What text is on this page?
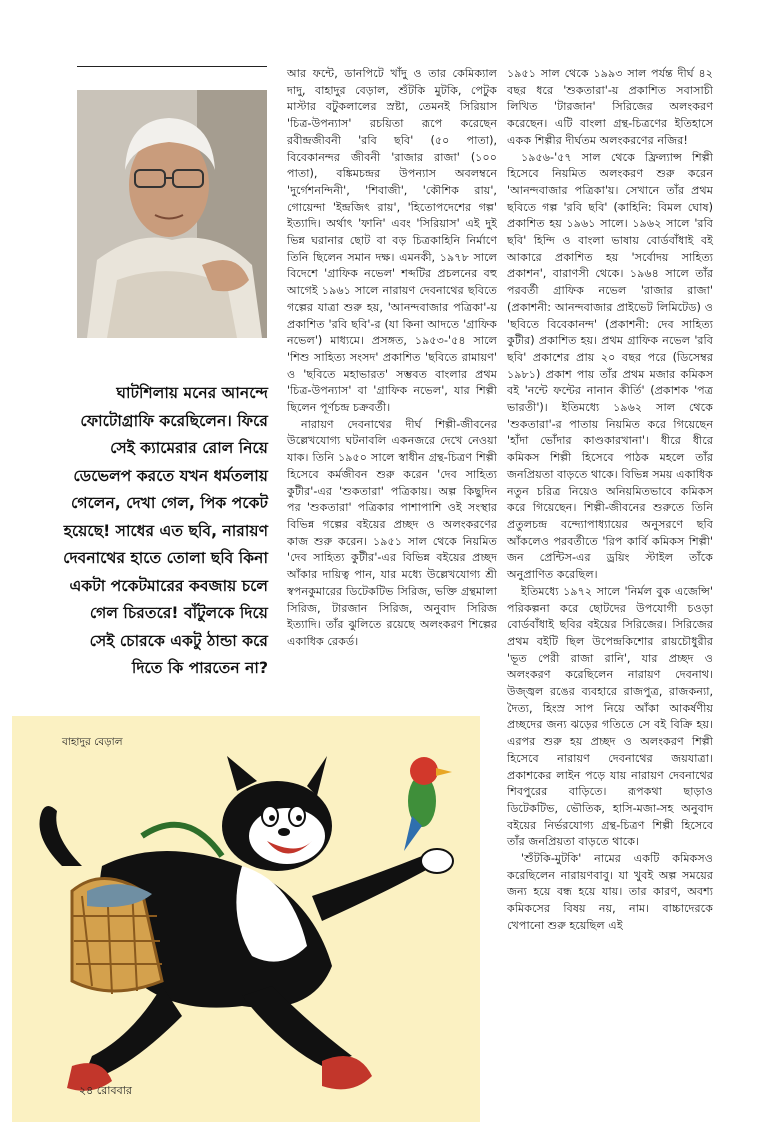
ঘাটশিলায় মনের আনন্দে ফোটোগ্রাফি করেছিলেন। ফিরে সেই ক্যামেরার রোল নিয়ে ডেভেলপ করতে যখন ধর্মতলায় গেলেন, দেখা গেল, পিক পকেট হয়েছে! সাধের এত ছবি, নারায়ণ দেবনাথের হাতে তোলা ছবি কিনা একটা পকেটমারের কবজায় চলে গেল চিরতরে! বাঁটুলকে দিয়ে সেই চোরকে একটু ঠান্ডা করে দিতে কি পারতেন না?

আর ফন্টে, ডানপিটে খাঁদু ও তার কেমিক্যাল দাদু, বাহাদুর বেড়াল, শুঁটকি মুটকি, পেটুক মাস্টার বটুকলালের স্রষ্টা, তেমনই সিরিয়াস 'চিত্র-উপন্যাস' রচয়িতা রূপে করেছেন রবীন্দ্রজীবনী 'রবি ছবি' (৫০ পাতা), বিবেকানন্দর জীবনী 'রাজার রাজা' (১০০ পাতা), বঙ্কিমচন্দ্রর উপন্যাস অবলম্বনে 'দুর্গেশনন্দিনী', 'শিবাজী', 'কৌশিক রায়', গোয়েন্দা 'ইন্দ্রজিৎ রায়', 'হিতোপদেশের গল্প' ইত্যাদি। অর্থাৎ 'ফানি' এবং 'সিরিয়াস' এই দুই ভিন্ন ঘরানার ছোট বা বড় চিত্রকাহিনি নির্মাণে তিনি ছিলেন সমান দক্ষ। এমনকী, ১৯৭৮ সালে বিদেশে 'গ্রাফিক নভেল' শব্দটির প্রচলনের বহু আগেই ১৯৬১ সালে নারায়ণ দেবনাথের ছবিতে গল্পের যাত্রা শুরু হয়, 'আনন্দবাজার পত্রিকা'-য় প্রকাশিত 'রবি ছবি'-র (যা কিনা আদতে 'গ্রাফিক নভেল') মাধ্যমে। প্রসঙ্গত, ১৯৫৩-'৫৪ সালে 'শিশু সাহিত্য সংসদ' প্রকাশিত 'ছবিতে রামায়ণ' ও 'ছবিতে মহাভারত' সম্ভবত বাংলার প্রথম 'চিত্র-উপন্যাস' বা 'গ্রাফিক নভেল', যার শিল্পী ছিলেন পূর্ণচন্দ্র চক্রবর্তী।

নারায়ণ দেবনাথের দীর্ঘ শিল্পী-জীবনের উল্লেখযোগ্য ঘটনাবলি একনজরে দেখে নেওয়া যাক। তিনি ১৯৫০ সালে স্বাধীন গ্রন্থ-চিত্রণ শিল্পী হিসেবে কর্মজীবন শুরু করেন 'দেব সাহিত্য কুটীর'-এর 'শুকতারা' পত্রিকায়। অল্প কিছুদিন পর 'শুকতারা' পত্রিকার পাশাপাশি ওই সংস্থার বিভিন্ন গল্পের বইয়ের প্রচ্ছদ ও অলংকরণের কাজ শুরু করেন। ১৯৫১ সাল থেকে নিয়মিত 'দেব সাহিত্য কুটীর'-এর বিভিন্ন বইয়ের প্রচ্ছদ আঁকার দায়িত্ব পান, যার মধ্যে উল্লেখযোগ্য শ্রী স্বপনকুমারের ডিটেকটিভ সিরিজ, ভক্তি গ্রন্থমালা সিরিজ, টারজান সিরিজ, অনুবাদ সিরিজ ইত্যাদি। তাঁর ঝুলিতে রয়েছে অলংকরণ শিল্পের একাধিক রেকর্ড।

১৯৫১ সাল থেকে ১৯৯৩ সাল পর্যন্ত দীর্ঘ ৪২ বছর ধরে 'শুকতারা'-য় প্রকাশিত সবাসাচী লিখিত 'টারজান' সিরিজের অলংকরণ করেছেন। এটি বাংলা গ্রন্থ-চিত্রণের ইতিহাসে একক শিল্পীর দীর্ঘতম অলংকরণের নজির!

১৯৫৬-'৫৭ সাল থেকে ফ্রিল্যান্স শিল্পী হিসেবে নিয়মিত অলংকরণ শুরু করেন 'আনন্দবাজার পত্রিকা'য়। সেখানে তাঁর প্রথম ছবিতে গল্প 'রবি ছবি' (কাহিনি: বিমল ঘোষ) প্রকাশিত হয় ১৯৬১ সালে। ১৯৬২ সালে 'রবি ছবি' হিন্দি ও বাংলা ভাষায় বোর্ডবাঁধাই বই আকারে প্রকাশিত হয় 'সর্বোদয় সাহিত্য প্রকাশন', বারাণসী থেকে। ১৯৬৪ সালে তাঁর পরবর্তী গ্রাফিক নভেল 'রাজার রাজা' (প্রকাশনী: আনন্দবাজার প্রাইভেট লিমিটেড) ও 'ছবিতে বিবেকানন্দ' (প্রকাশনী: দেব সাহিত্য কুটীর) প্রকাশিত হয়। প্রথম গ্রাফিক নভেল 'রবি ছবি' প্রকাশের প্রায় ২০ বছর পরে (ডিসেম্বর ১৯৮১) প্রকাশ পায় তাঁর প্রথম মজার কমিকস বই 'নন্টে ফন্টের নানান কীর্তি' (প্রকাশক 'পত্র ভারতী')। ইতিমধ্যে ১৯৬২ সাল থেকে 'শুকতারা'-র পাতায় নিয়মিত করে গিয়েছেন 'হাঁদা ভোঁদার কাণ্ডকারখানা'। ধীরে ধীরে কমিকস শিল্পী হিসেবে পাঠক মহলে তাঁর জনপ্রিয়তা বাড়তে থাকে। বিভিন্ন সময় একাধিক নতুন চরিত্র নিয়েও অনিয়মিতভাবে কমিকস করে গিয়েছেন। শিল্পী-জীবনের শুরুতে তিনি প্রতুলচন্দ্র বন্দ্যোপাধ্যায়ের অনুসরণে ছবি আঁকলেও পরবর্তীতে 'রিপ কার্বি কমিকস শিল্পী' জন প্রেন্টিস-এর ড্রয়িং স্টাইল তাঁকে অনুপ্রাণিত করেছিল।

ইতিমধ্যে ১৯৭২ সালে 'নির্মল বুক এজেন্সি' পরিকল্পনা করে ছোটদের উপযোগী চওড়া বোর্ডবাঁধাই ছবির বইয়ের সিরিজের। সিরিজের প্রথম বইটি ছিল উপেন্দ্রকিশোর রায়চৌধুরীর 'ভূত পেরী রাজা রানি', যার প্রচ্ছদ ও অলংকরণ করেছিলেন নারায়ণ দেবনাথ। উজ্জ্বল রঙের ব্যবহারে রাজপুত্র, রাজকন্যা, দৈত্য, হিংস্র সাপ নিয়ে আঁকা আকর্ষণীয় প্রচ্ছদের জন্য ঝড়ের গতিতে সে বই বিক্রি হয়। এরপর শুরু হয় প্রচ্ছদ ও অলংকরণ শিল্পী হিসেবে নারায়ণ দেবনাথের জয়যাত্রা। প্রকাশকের লাইন পড়ে যায় নারায়ণ দেবনাথের শিবপুরের বাড়িতে। রূপকথা ছাড়াও ডিটেকটিভ, ভৌতিক, হাসি-মজা-সহ অনুবাদ বইয়ের নির্ভরযোগ্য গ্রন্থ-চিত্রণ শিল্পী হিসেবে তাঁর জনপ্রিয়তা বাড়তে থাকে।

'শুঁটকি-মুটকি' নামের একটি কমিকসও করেছিলেন নারায়ণবাবু। যা খুবই অল্প সময়ের জন্য হয়ে বন্ধ হয়ে যায়। তার কারণ, অবশ্য কমিকসের বিষয় নয়, নাম। বাচ্চাদেরকে খেপানো শুরু হয়েছিল এই

বাহাদুর বেড়াল
২৪ রোববার
